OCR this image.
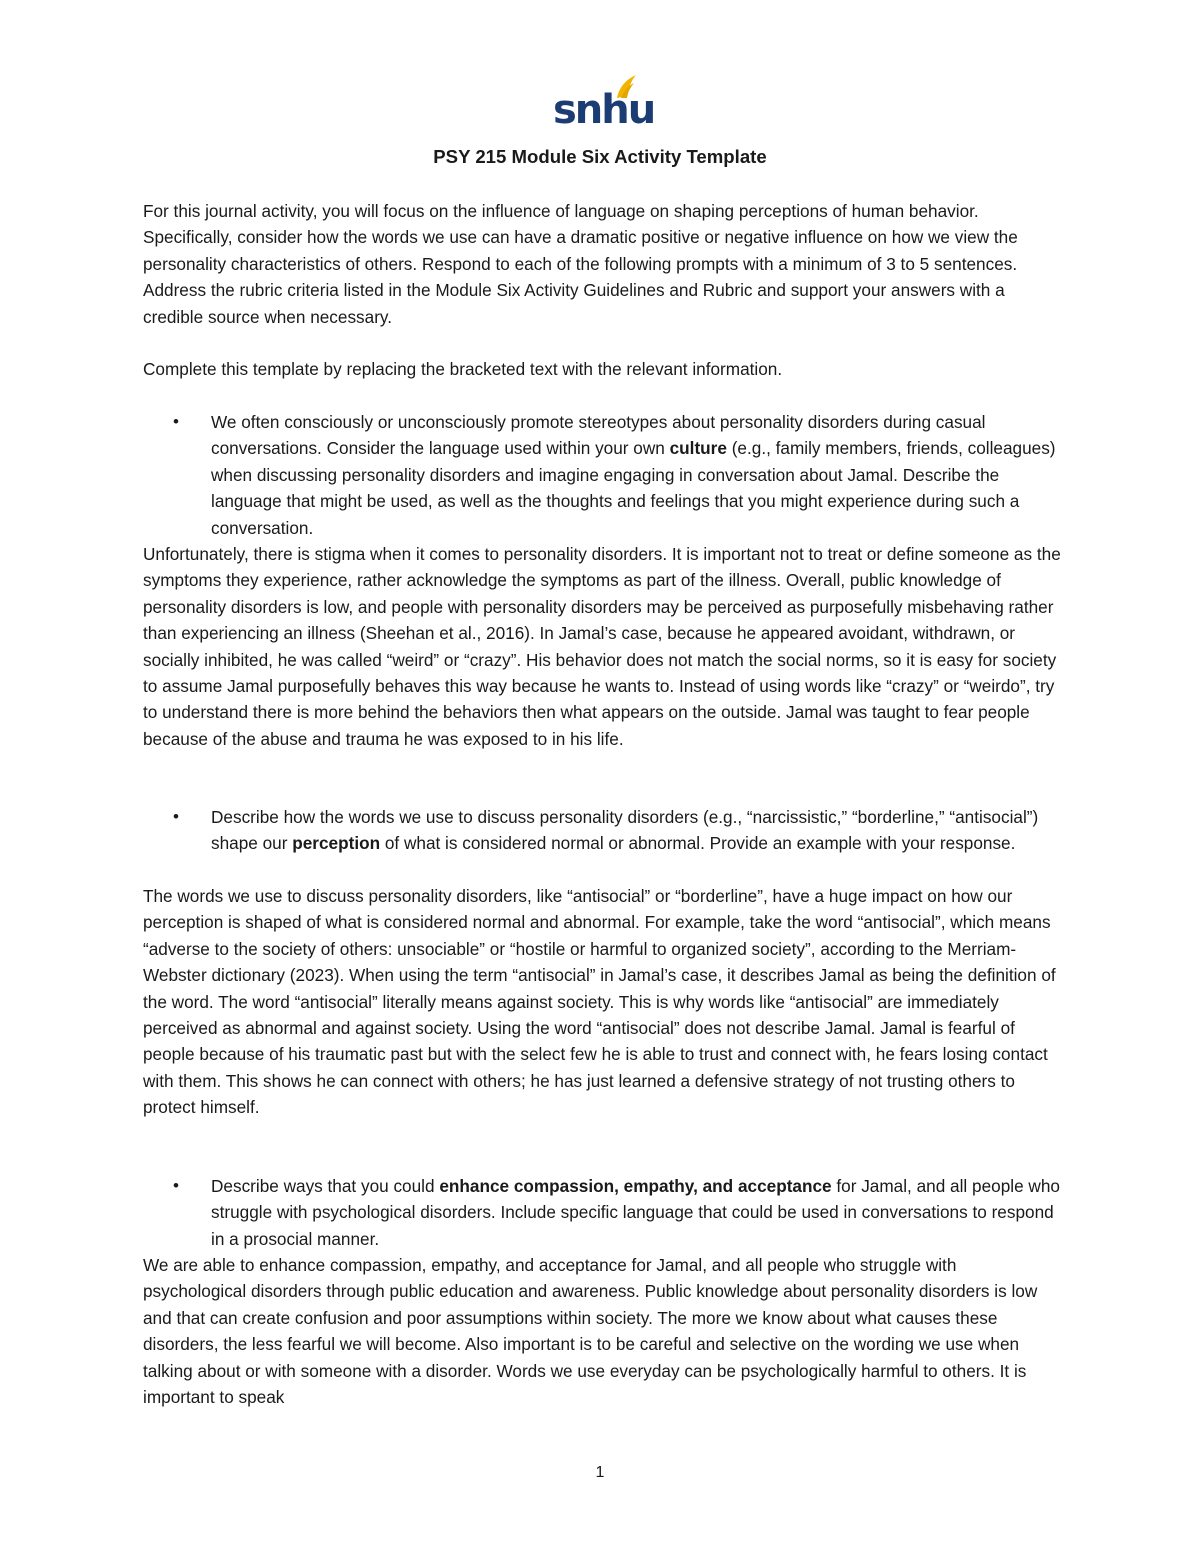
snhu
PSY 215 Module Six Activity Template
For this journal activity, you will focus on the influence of language on shaping perceptions of human behavior. Specifically, consider how the words we use can have a dramatic positive or negative influence on how we view the personality characteristics of others. Respond to each of the following prompts with a minimum of 3 to 5 sentences. Address the rubric criteria listed in the Module Six Activity Guidelines and Rubric and support your answers with a credible source when necessary.
Complete this template by replacing the bracketed text with the relevant information.
• We often consciously or unconsciously promote stereotypes about personality disorders during casual conversations. Consider the language used within your own culture (e.g., family members, friends, colleagues) when discussing personality disorders and imagine engaging in conversation about Jamal. Describe the language that might be used, as well as the thoughts and feelings that you might experience during such a conversation.
Unfortunately, there is stigma when it comes to personality disorders. It is important not to treat or define someone as the symptoms they experience, rather acknowledge the symptoms as part of the illness. Overall, public knowledge of personality disorders is low, and people with personality disorders may be perceived as purposefully misbehaving rather than experiencing an illness (Sheehan et al., 2016). In Jamal’s case, because he appeared avoidant, withdrawn, or socially inhibited, he was called “weird” or “crazy”. His behavior does not match the social norms, so it is easy for society to assume Jamal purposefully behaves this way because he wants to. Instead of using words like “crazy” or “weirdo”, try to understand there is more behind the behaviors then what appears on the outside. Jamal was taught to fear people because of the abuse and trauma he was exposed to in his life.
• Describe how the words we use to discuss personality disorders (e.g., “narcissistic,” “borderline,” “antisocial”) shape our perception of what is considered normal or abnormal. Provide an example with your response.
The words we use to discuss personality disorders, like “antisocial” or “borderline”, have a huge impact on how our perception is shaped of what is considered normal and abnormal. For example, take the word “antisocial”, which means “adverse to the society of others: unsociable” or “hostile or harmful to organized society”, according to the Merriam-Webster dictionary (2023). When using the term “antisocial” in Jamal’s case, it describes Jamal as being the definition of the word. The word “antisocial” literally means against society. This is why words like “antisocial” are immediately perceived as abnormal and against society. Using the word “antisocial” does not describe Jamal. Jamal is fearful of people because of his traumatic past but with the select few he is able to trust and connect with, he fears losing contact with them. This shows he can connect with others; he has just learned a defensive strategy of not trusting others to protect himself.
• Describe ways that you could enhance compassion, empathy, and acceptance for Jamal, and all people who struggle with psychological disorders. Include specific language that could be used in conversations to respond in a prosocial manner.
We are able to enhance compassion, empathy, and acceptance for Jamal, and all people who struggle with psychological disorders through public education and awareness. Public knowledge about personality disorders is low and that can create confusion and poor assumptions within society. The more we know about what causes these disorders, the less fearful we will become. Also important is to be careful and selective on the wording we use when talking about or with someone with a disorder. Words we use everyday can be psychologically harmful to others. It is important to speak
1
